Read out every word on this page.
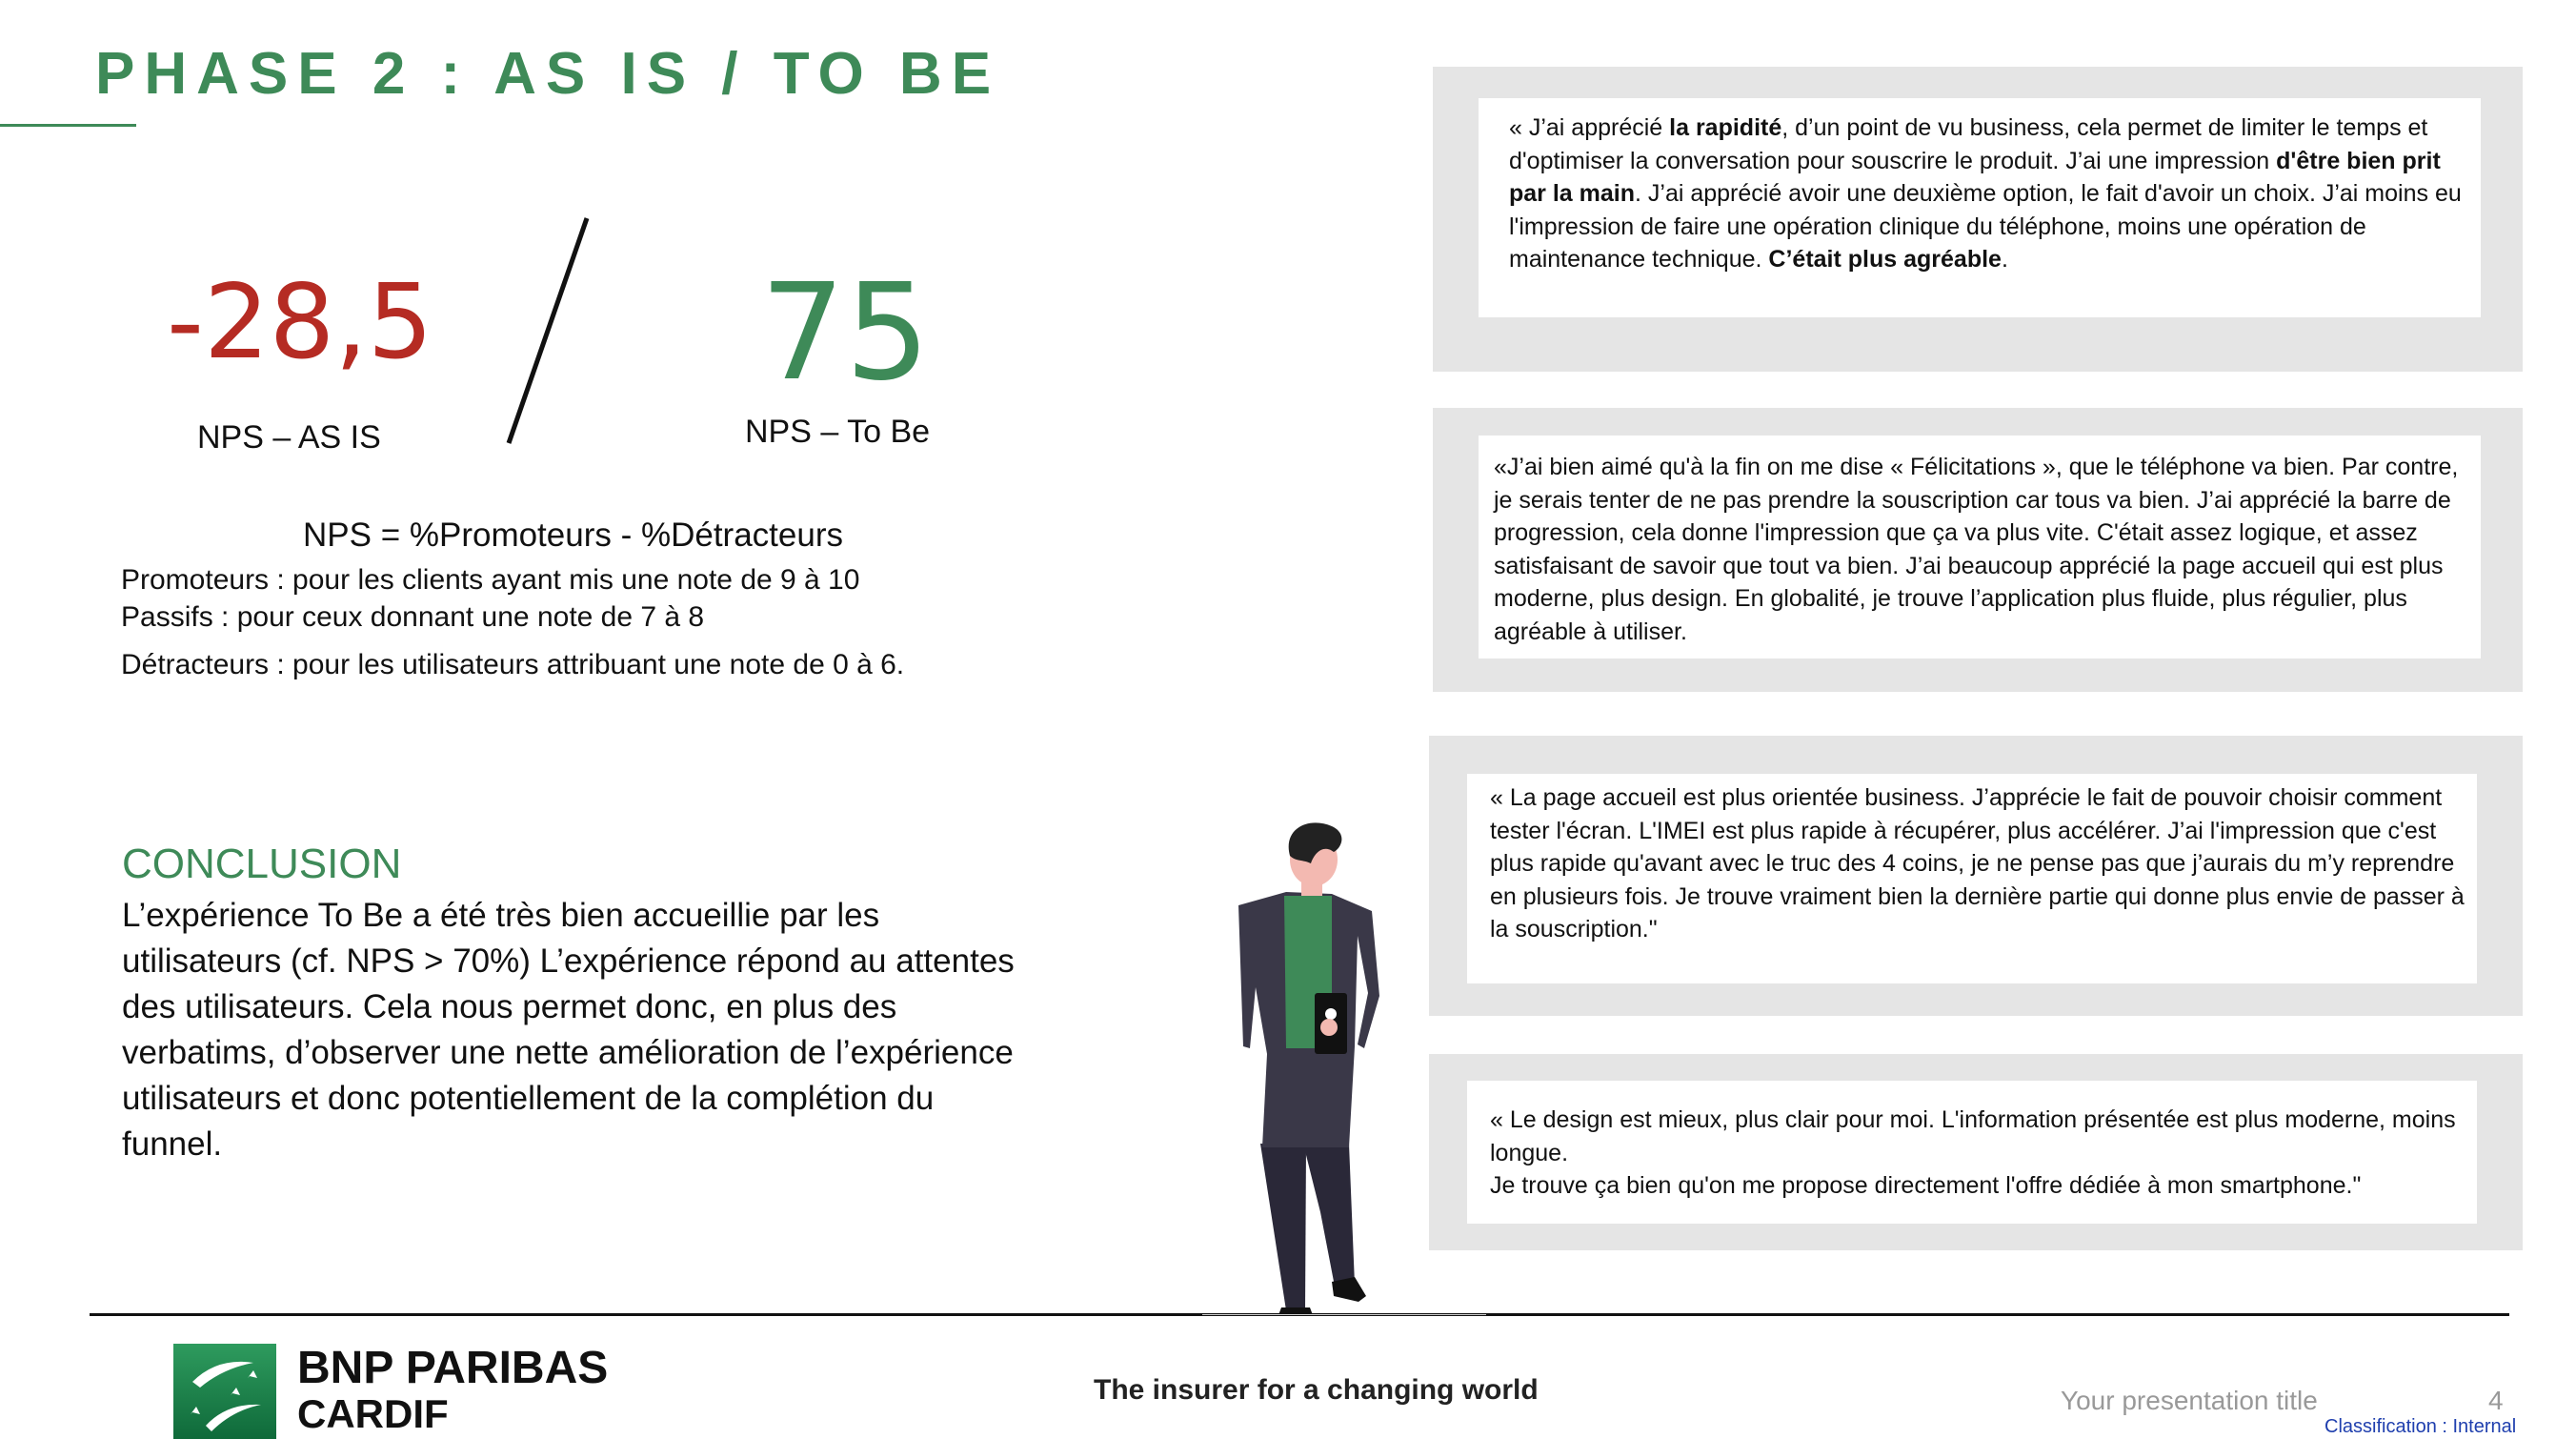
PHASE 2 : AS IS / TO BE
-28,5
NPS – AS IS
75
NPS – To Be
NPS = %Promoteurs - %Détracteurs
Promoteurs : pour les clients ayant mis une note de 9 à 10
Passifs : pour ceux donnant une note de 7 à 8
Détracteurs : pour les utilisateurs attribuant une note de 0 à 6.
CONCLUSION
L’expérience To Be a été très bien accueillie par les utilisateurs (cf. NPS > 70%) L’expérience répond au attentes des utilisateurs. Cela nous permet donc, en plus des verbatims, d’observer une nette amélioration de l’expérience utilisateurs et donc potentiellement de la complétion du funnel.
« J’ai apprécié la rapidité, d’un point de vu business, cela permet de limiter le temps et d'optimiser la conversation pour souscrire le produit. J’ai une impression d'être bien prit par la main. J’ai apprécié avoir une deuxième option, le fait d'avoir un choix. J’ai moins eu l'impression de faire une opération clinique du téléphone, moins une opération de maintenance technique. C’était plus agréable.
«J’ai bien aimé qu'à la fin on me dise « Félicitations », que le téléphone va bien. Par contre, je serais tenter de ne pas prendre la souscription car tous va bien. J’ai apprécié la barre de progression, cela donne l'impression que ça va plus vite. C'était assez logique, et assez satisfaisant de savoir que tout va bien. J’ai beaucoup apprécié la page accueil qui est plus moderne, plus design. En globalité, je trouve l’application plus fluide, plus régulier, plus agréable à utiliser.
« La page accueil est plus orientée business. J’apprécie le fait de pouvoir choisir comment tester l'écran. L'IMEI est plus rapide à récupérer, plus accélérer. J’ai l'impression que c'est plus rapide qu'avant avec le truc des 4 coins, je ne pense pas que j’aurais du m’y reprendre en plusieurs fois. Je trouve vraiment bien la dernière partie qui donne plus envie de passer à la souscription."
« Le design est mieux, plus clair pour moi. L'information présentée est plus moderne, moins longue.
Je trouve ça bien qu'on me propose directement l'offre dédiée à mon smartphone."
BNP PARIBAS
CARDIF
The insurer for a changing world	Your presentation title	4
Classification : Internal
